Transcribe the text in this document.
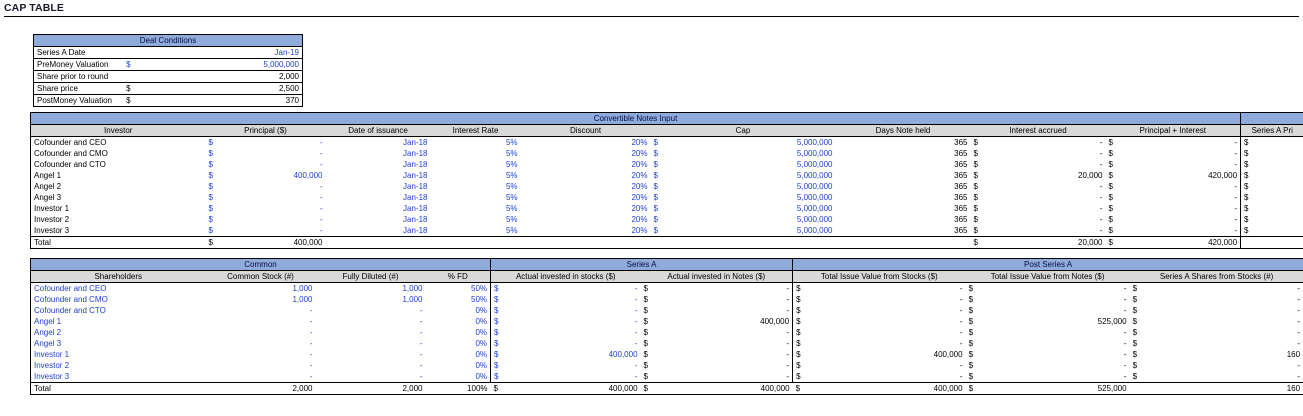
CAP TABLE
Deal Conditions		
Series A Date		Jan-19
PreMoney Valuation	$	5,000,000
Share prior to round		2,000
Share price	$	2,500
PostMoney Valuation	$	370
Convertible Notes Input														
Investor	Principal ($)		Date of issuance	Interest Rate	Discount	Cap		Days Note held	Interest accrued		Principal + Interest		Series A Pri	
Cofounder and CEO	$	-	Jan-18	5%	20%	$	5,000,000	365	$	-	$	-	$	
Cofounder and CMO	$	-	Jan-18	5%	20%	$	5,000,000	365	$	-	$	-	$	
Cofounder and CTO	$	-	Jan-18	5%	20%	$	5,000,000	365	$	-	$	-	$	
Angel 1	$	400,000	Jan-18	5%	20%	$	5,000,000	365	$	20,000	$	420,000	$	
Angel 2	$	-	Jan-18	5%	20%	$	5,000,000	365	$	-	$	-	$	
Angel 3	$	-	Jan-18	5%	20%	$	5,000,000	365	$	-	$	-	$	
Investor 1	$	-	Jan-18	5%	20%	$	5,000,000	365	$	-	$	-	$	
Investor 2	$	-	Jan-18	5%	20%	$	5,000,000	365	$	-	$	-	$	
Investor 3	$	-	Jan-18	5%	20%	$	5,000,000	365	$	-	$	-	$	
Total	$	400,000							$	20,000	$	420,000		
Common				Series A				Post Series A					
Shareholders	Common Stock (#)	Fully Diluted (#)	% FD	Actual invested in stocks ($)		Actual invested in Notes ($)		Total Issue Value from Stocks ($)		Total Issue Value from Notes ($)		Series A Shares from Stocks (#)	
Cofounder and CEO	1,000	1,000	50%	$	-	$	-	$	-	$	-	$	-
Cofounder and CMO	1,000	1,000	50%	$	-	$	-	$	-	$	-	$	-
Cofounder and CTO	-	-	0%	$	-	$	-	$	-	$	-	$	-
Angel 1	-	-	0%	$	-	$	400,000	$	-	$	525,000	$	-
Angel 2	-	-	0%	$	-	$	-	$	-	$	-	$	-
Angel 3	-	-	0%	$	-	$	-	$	-	$	-	$	-
Investor 1	-	-	0%	$	400,000	$	-	$	400,000	$	-	$	160
Investor 2	-	-	0%	$	-	$	-	$	-	$	-	$	-
Investor 3	-	-	0%	$	-	$	-	$	-	$	-	$	-
Total	2,000	2,000	100%	$	400,000	$	400,000	$	400,000	$	525,000		160
